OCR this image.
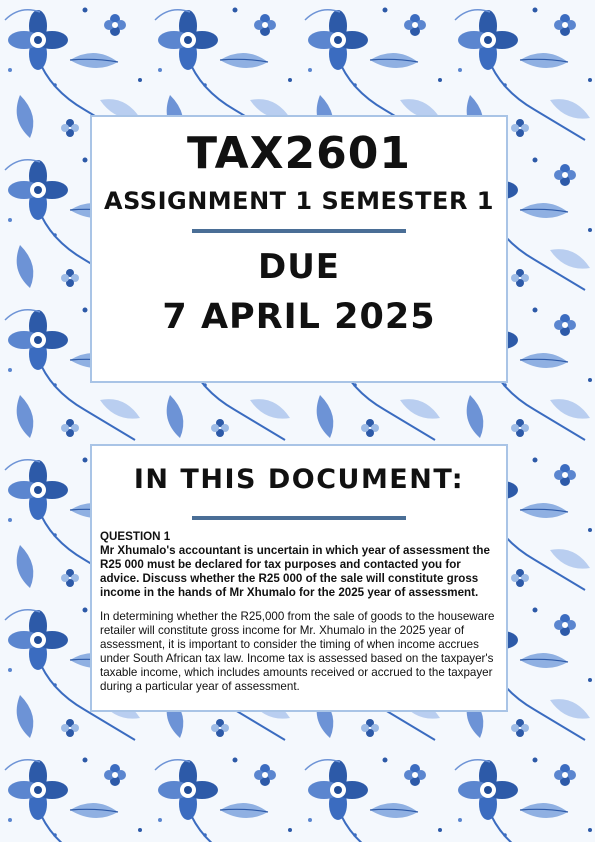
TAX2601
ASSIGNMENT 1 SEMESTER 1
DUE
7 APRIL 2025
IN THIS DOCUMENT:

QUESTION 1

Mr Xhumalo's accountant is uncertain in which year of assessment the R25 000 must be declared for tax purposes and contacted you for advice. Discuss whether the R25 000 of the sale will constitute gross income in the hands of Mr Xhumalo for the 2025 year of assessment.

In determining whether the R25,000 from the sale of goods to the houseware retailer will constitute gross income for Mr. Xhumalo in the 2025 year of assessment, it is important to consider the timing of when income accrues under South African tax law. Income tax is assessed based on the taxpayer's taxable income, which includes amounts received or accrued to the taxpayer during a particular year of assessment.
